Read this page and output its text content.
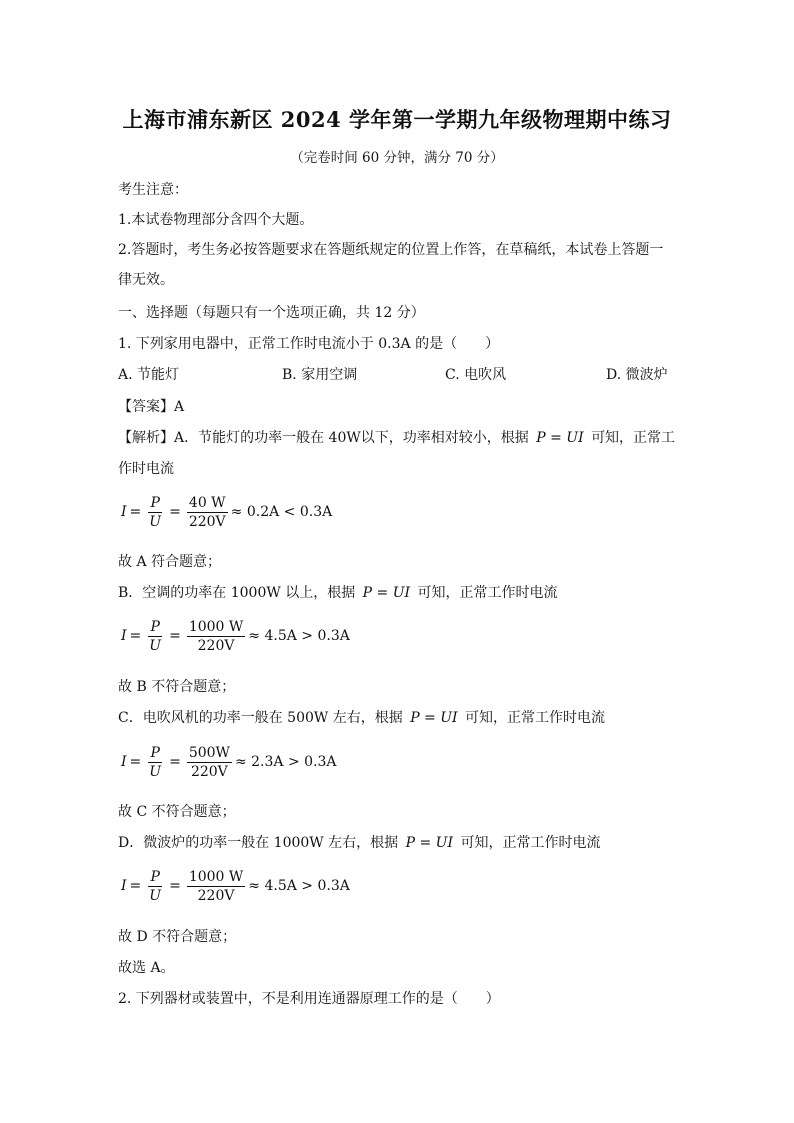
上海市浦东新区 2024 学年第一学期九年级物理期中练习
（完卷时间 60 分钟，满分 70 分）
考生注意：
1.本试卷物理部分含四个大题。
2.答题时，考生务必按答题要求在答题纸规定的位置上作答，在草稿纸，本试卷上答题一
律无效。
一、选择题（每题只有一个选项正确，共 12 分）
1. 下列家用电器中，正常工作时电流小于 0.3A 的是（　　）
A. 节能灯	B. 家用空调	C. 电吹风	D. 微波炉
【答案】A
【解析】A．节能灯的功率一般在 40W以下，功率相对较小，根据 P = UI 可知，正常工
作时电流
$I = \frac{P}{U} = \frac{40 W}{220V} \approx 0.2A < 0.3A$
故 A 符合题意；
B．空调的功率在 1000W 以上，根据 P = UI 可知，正常工作时电流
$I = \frac{P}{U} = \frac{1000 W}{220V} \approx 4.5A > 0.3A$
故 B 不符合题意；
C．电吹风机的功率一般在 500W 左右，根据 P = UI 可知，正常工作时电流
$I = \frac{P}{U} = \frac{500W}{220V} \approx 2.3A > 0.3A$
故 C 不符合题意；
D．微波炉的功率一般在 1000W 左右，根据 P = UI 可知，正常工作时电流
$I = \frac{P}{U} = \frac{1000 W}{220V} \approx 4.5A > 0.3A$
故 D 不符合题意；
故选 A。
2. 下列器材或装置中，不是利用连通器原理工作的是（　　）
